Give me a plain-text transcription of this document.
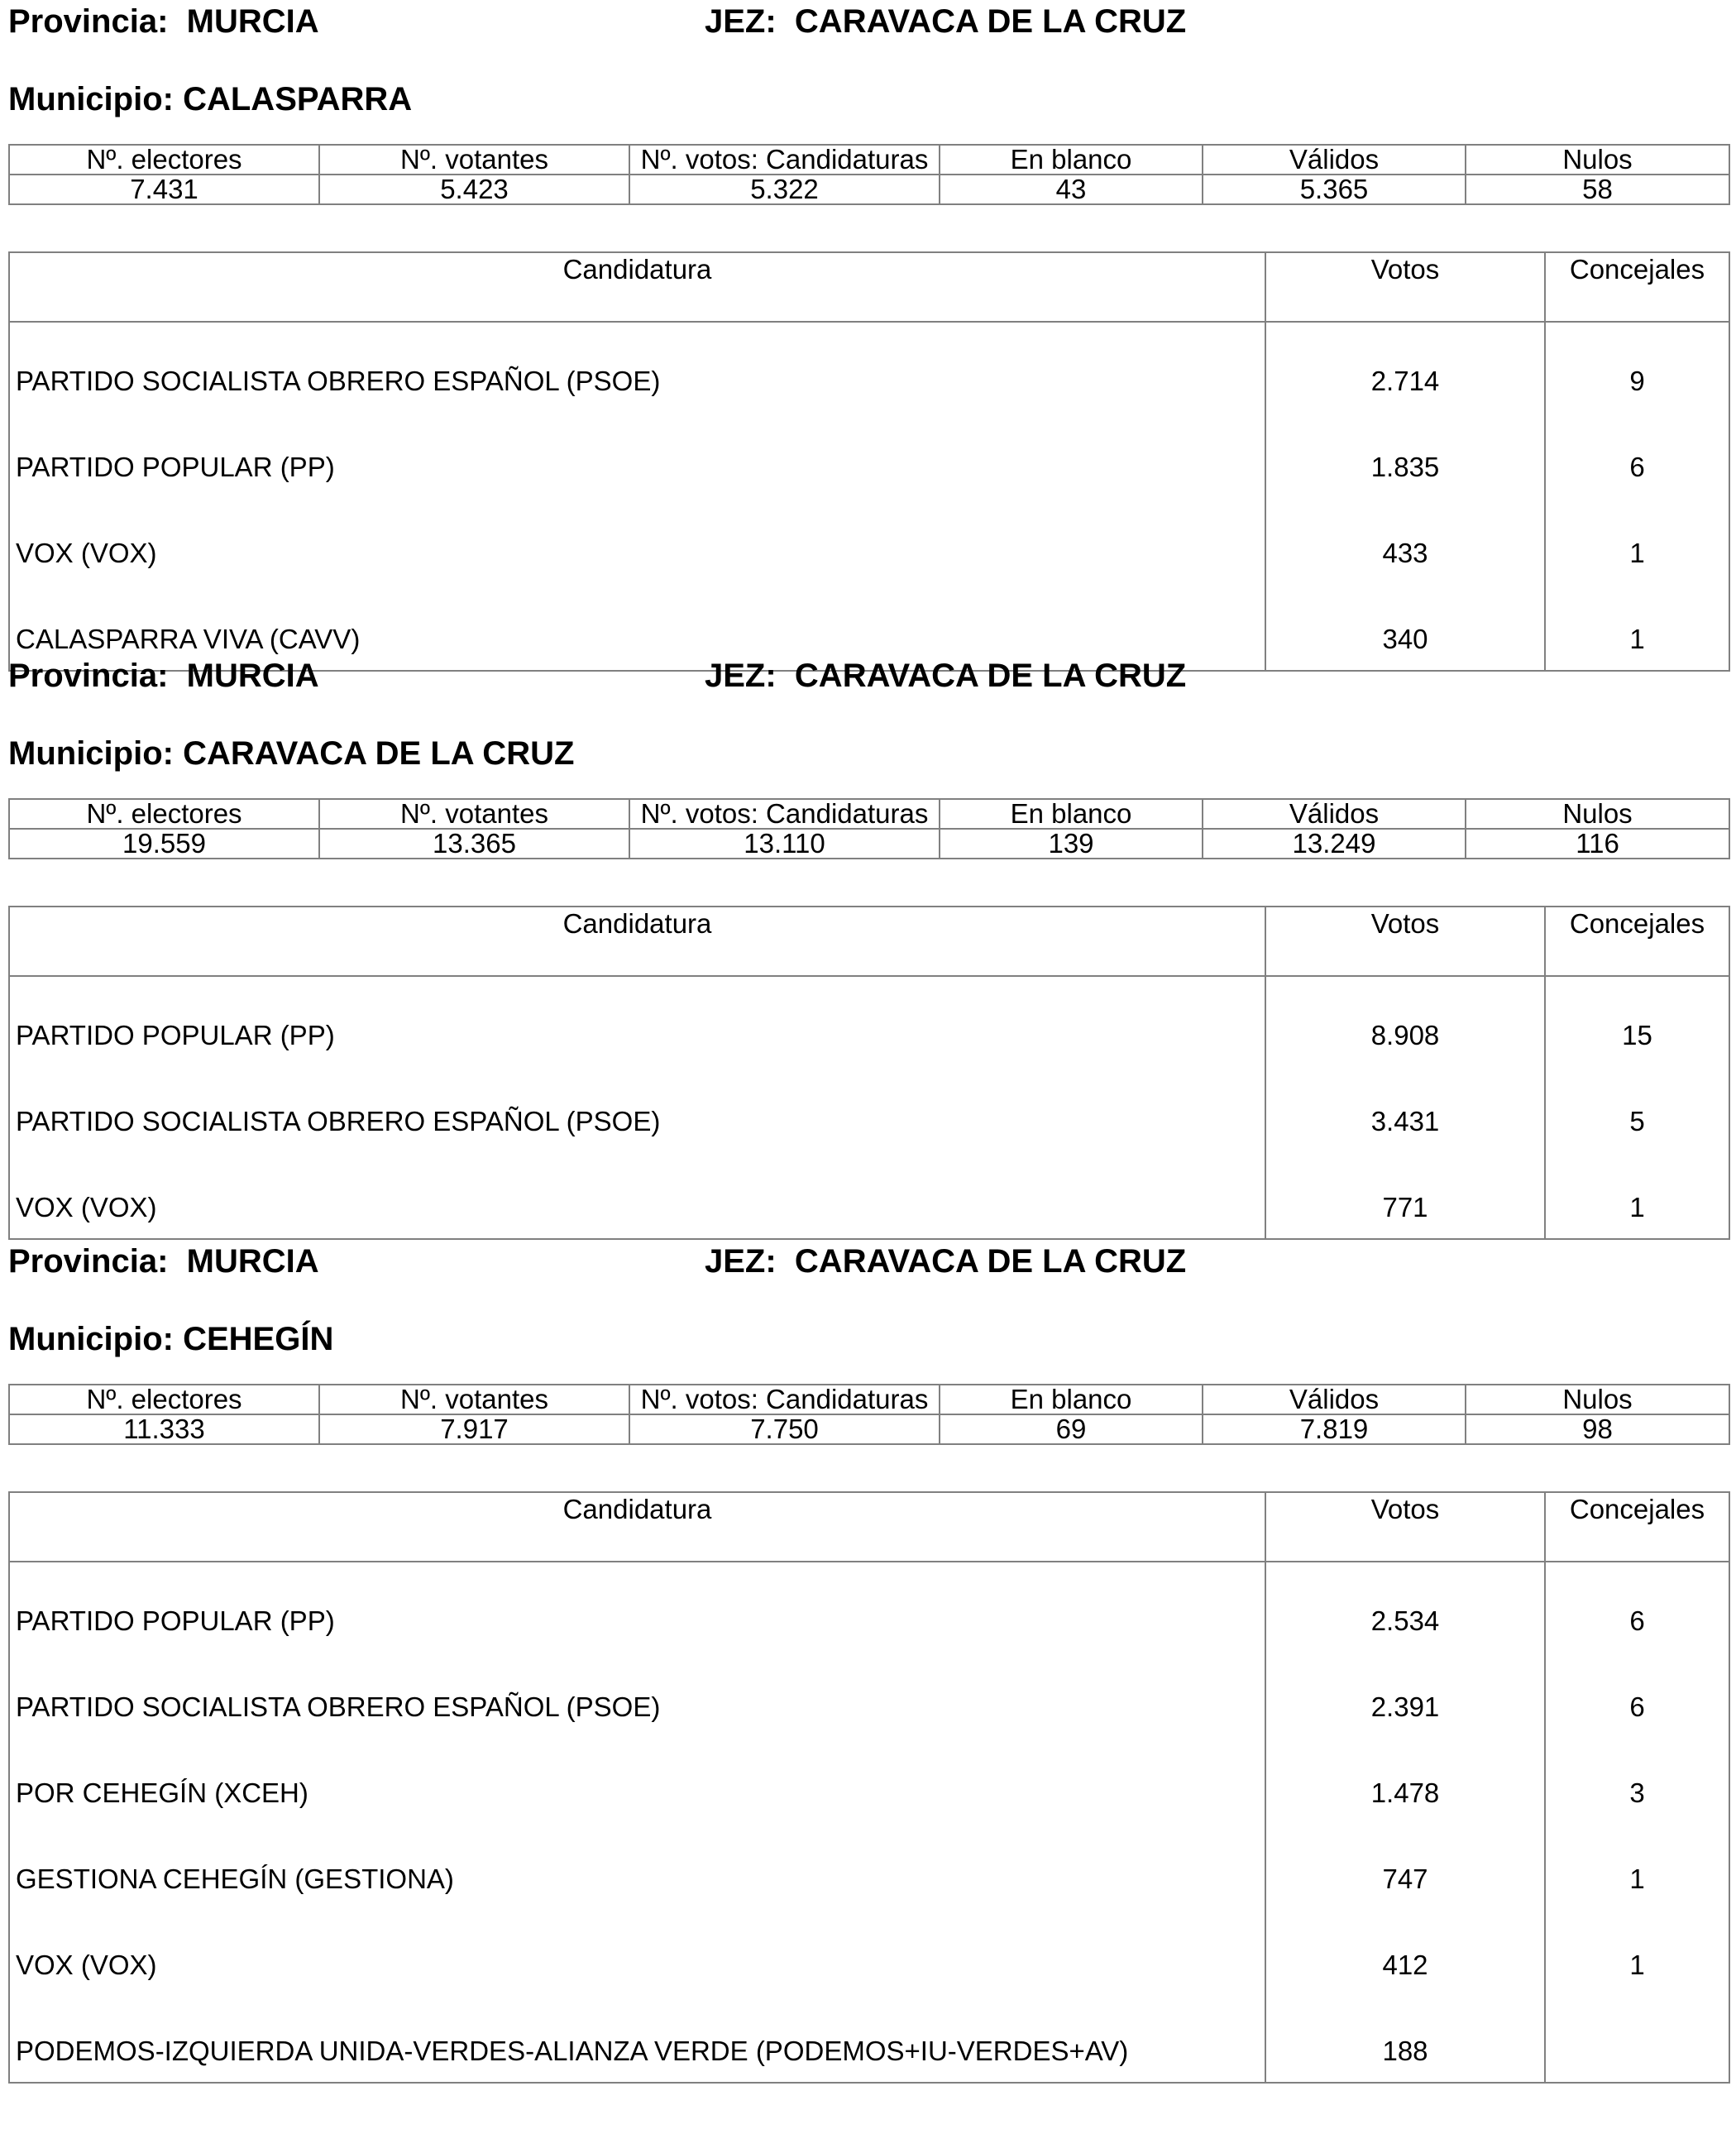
Provincia: MURCIA	JEZ: CARAVACA DE LA CRUZ
Municipio: CALASPARRA
Nº. electores	Nº. votantes	Nº. votos: Candidaturas	En blanco	Válidos	Nulos
7.431	5.423	5.322	43	5.365	58
Candidatura	Votos	Concejales
PARTIDO SOCIALISTA OBRERO ESPAÑOL (PSOE)	2.714	9
PARTIDO POPULAR (PP)	1.835	6
VOX (VOX)	433	1
CALASPARRA VIVA (CAVV)	340	1
Provincia: MURCIA	JEZ: CARAVACA DE LA CRUZ
Municipio: CARAVACA DE LA CRUZ
Nº. electores	Nº. votantes	Nº. votos: Candidaturas	En blanco	Válidos	Nulos
19.559	13.365	13.110	139	13.249	116
Candidatura	Votos	Concejales
PARTIDO POPULAR (PP)	8.908	15
PARTIDO SOCIALISTA OBRERO ESPAÑOL (PSOE)	3.431	5
VOX (VOX)	771	1
Provincia: MURCIA	JEZ: CARAVACA DE LA CRUZ
Municipio: CEHEGÍN
Nº. electores	Nº. votantes	Nº. votos: Candidaturas	En blanco	Válidos	Nulos
11.333	7.917	7.750	69	7.819	98
Candidatura	Votos	Concejales
PARTIDO POPULAR (PP)	2.534	6
PARTIDO SOCIALISTA OBRERO ESPAÑOL (PSOE)	2.391	6
POR CEHEGÍN (XCEH)	1.478	3
GESTIONA CEHEGÍN (GESTIONA)	747	1
VOX (VOX)	412	1
PODEMOS-IZQUIERDA UNIDA-VERDES-ALIANZA VERDE (PODEMOS+IU-VERDES+AV)	188	
